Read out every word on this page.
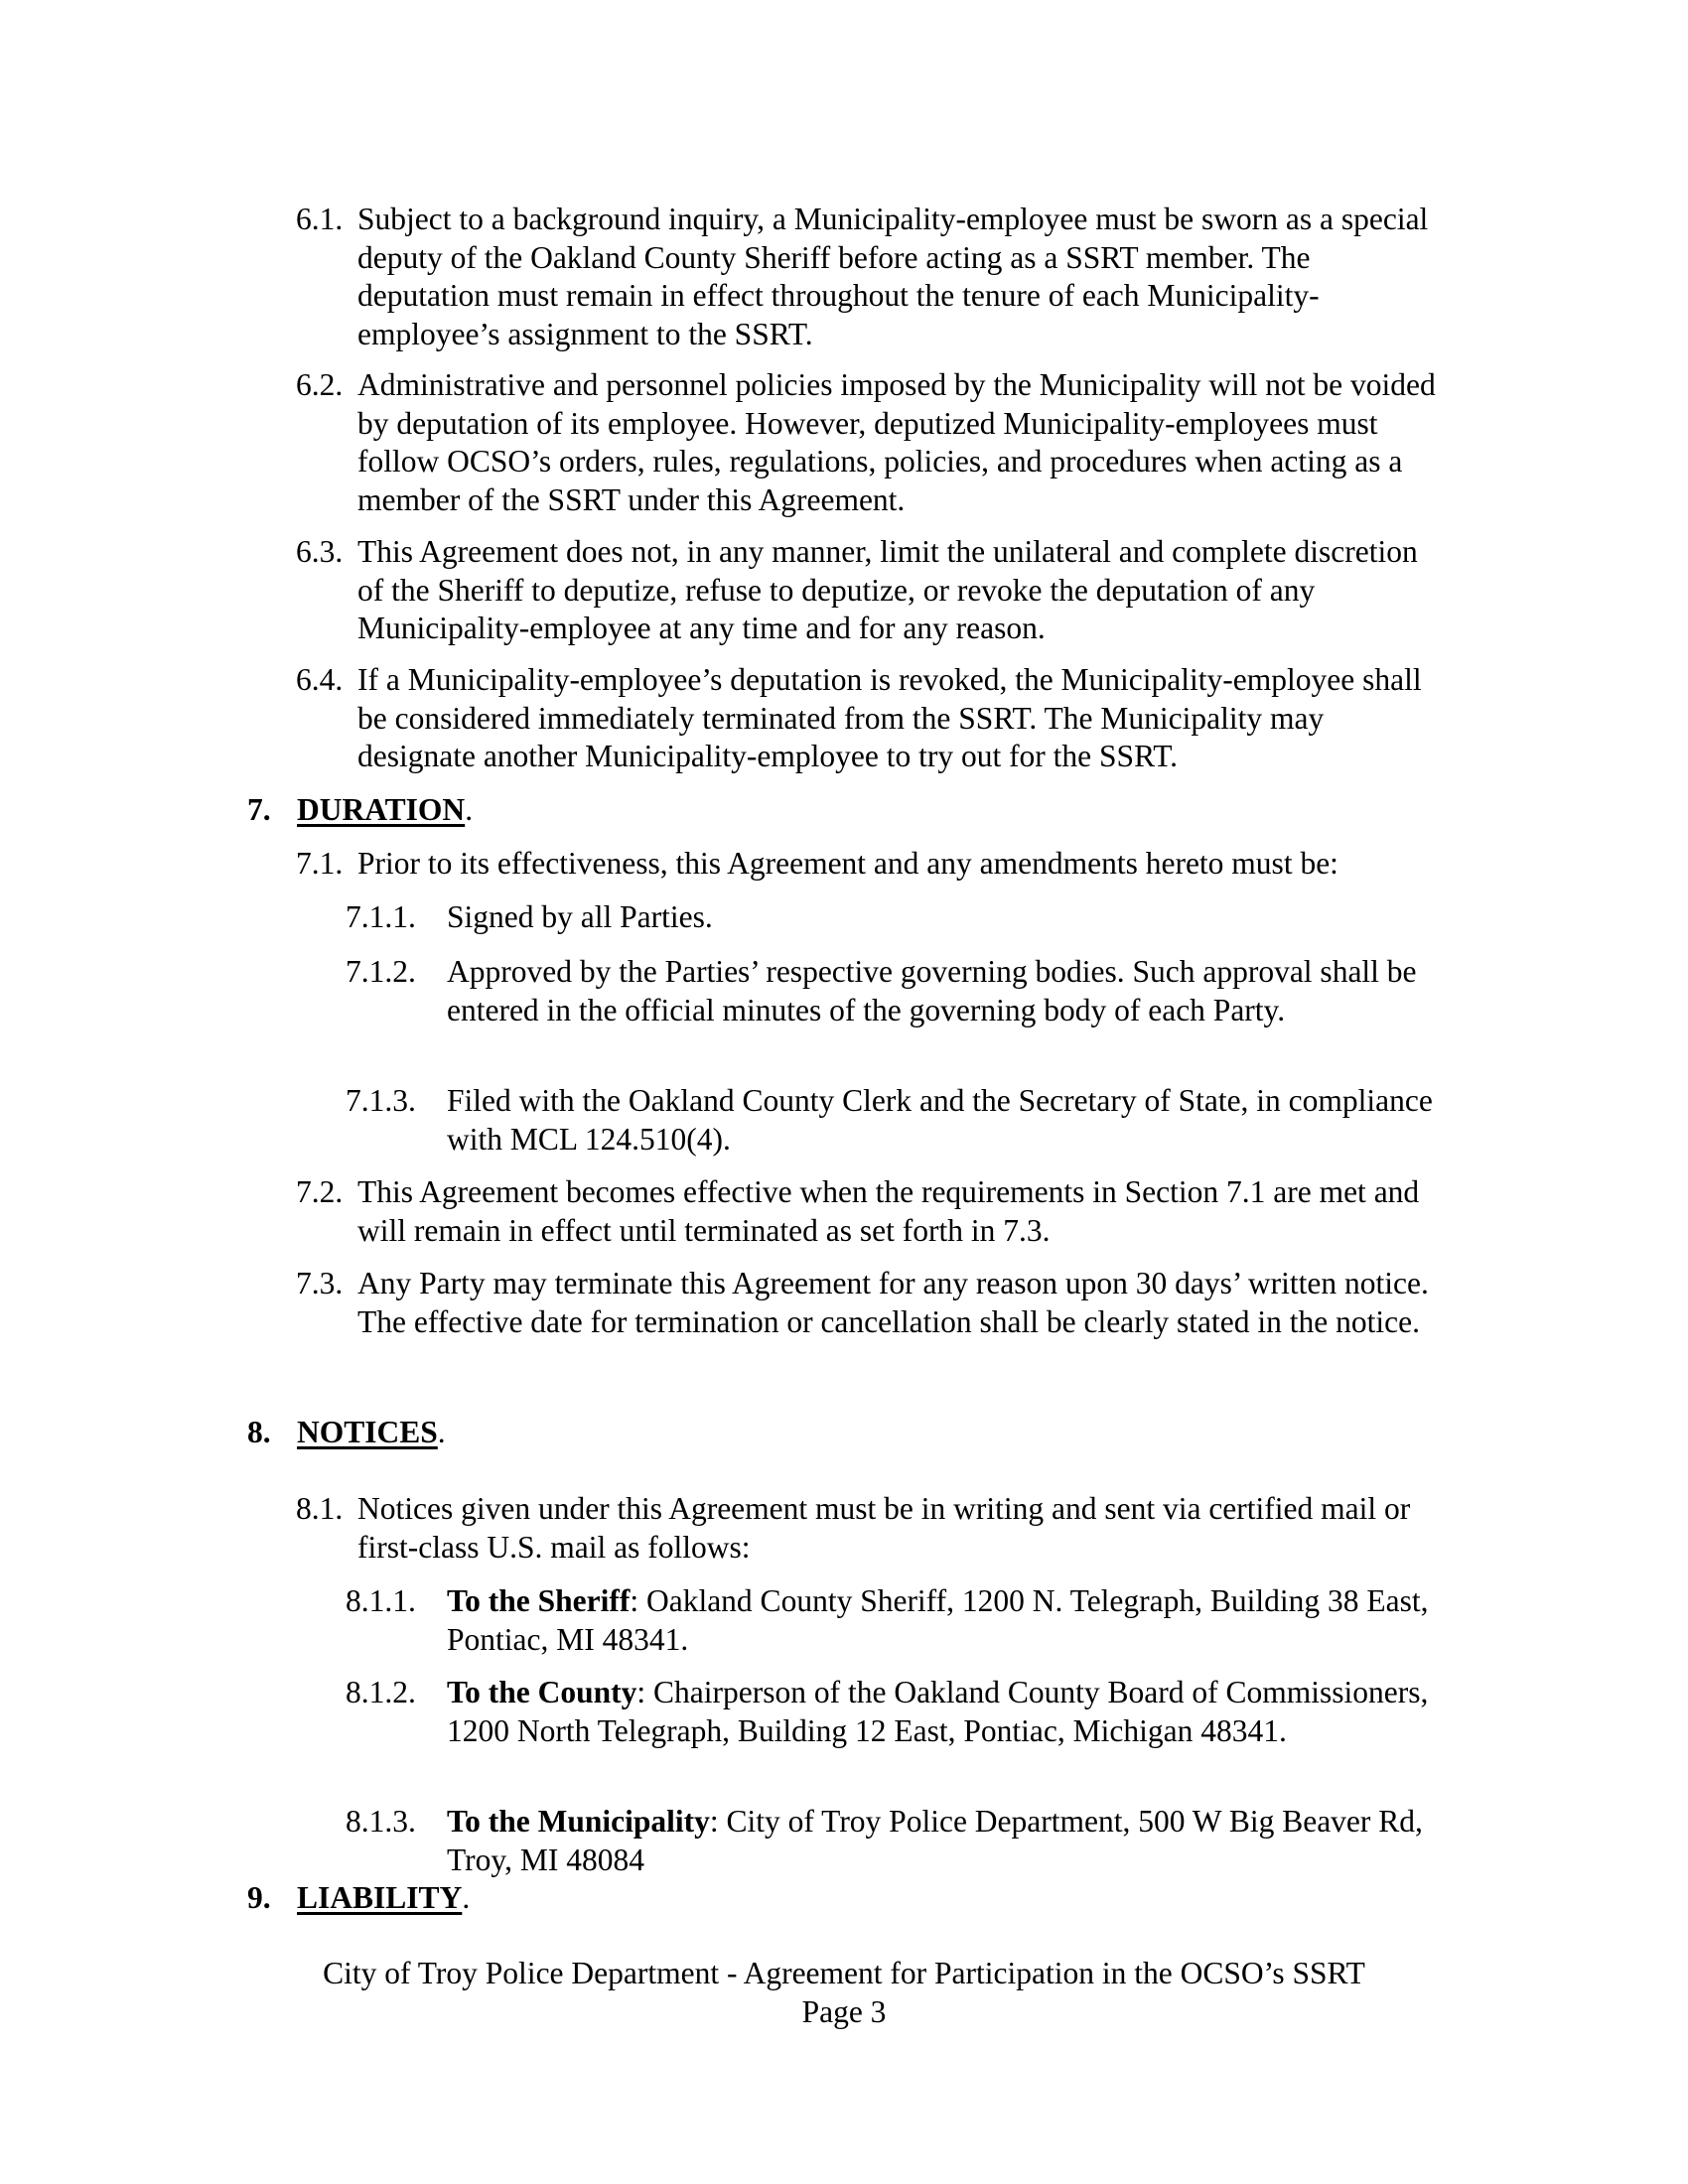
6.1. Subject to a background inquiry, a Municipality-employee must be sworn as a special deputy of the Oakland County Sheriff before acting as a SSRT member. The deputation must remain in effect throughout the tenure of each Municipality-employee’s assignment to the SSRT.
6.2. Administrative and personnel policies imposed by the Municipality will not be voided by deputation of its employee. However, deputized Municipality-employees must follow OCSO’s orders, rules, regulations, policies, and procedures when acting as a member of the SSRT under this Agreement.
6.3. This Agreement does not, in any manner, limit the unilateral and complete discretion of the Sheriff to deputize, refuse to deputize, or revoke the deputation of any Municipality-employee at any time and for any reason.
6.4. If a Municipality-employee’s deputation is revoked, the Municipality-employee shall be considered immediately terminated from the SSRT. The Municipality may designate another Municipality-employee to try out for the SSRT.
7. DURATION.
7.1. Prior to its effectiveness, this Agreement and any amendments hereto must be:
7.1.1. Signed by all Parties.
7.1.2. Approved by the Parties’ respective governing bodies. Such approval shall be entered in the official minutes of the governing body of each Party.
7.1.3. Filed with the Oakland County Clerk and the Secretary of State, in compliance with MCL 124.510(4).
7.2. This Agreement becomes effective when the requirements in Section 7.1 are met and will remain in effect until terminated as set forth in 7.3.
7.3. Any Party may terminate this Agreement for any reason upon 30 days’ written notice. The effective date for termination or cancellation shall be clearly stated in the notice.
8. NOTICES.
8.1. Notices given under this Agreement must be in writing and sent via certified mail or first-class U.S. mail as follows:
8.1.1. To the Sheriff: Oakland County Sheriff, 1200 N. Telegraph, Building 38 East, Pontiac, MI 48341.
8.1.2. To the County: Chairperson of the Oakland County Board of Commissioners, 1200 North Telegraph, Building 12 East, Pontiac, Michigan 48341.
8.1.3. To the Municipality: City of Troy Police Department, 500 W Big Beaver Rd, Troy, MI 48084
9. LIABILITY.
City of Troy Police Department - Agreement for Participation in the OCSO’s SSRT
Page 3
